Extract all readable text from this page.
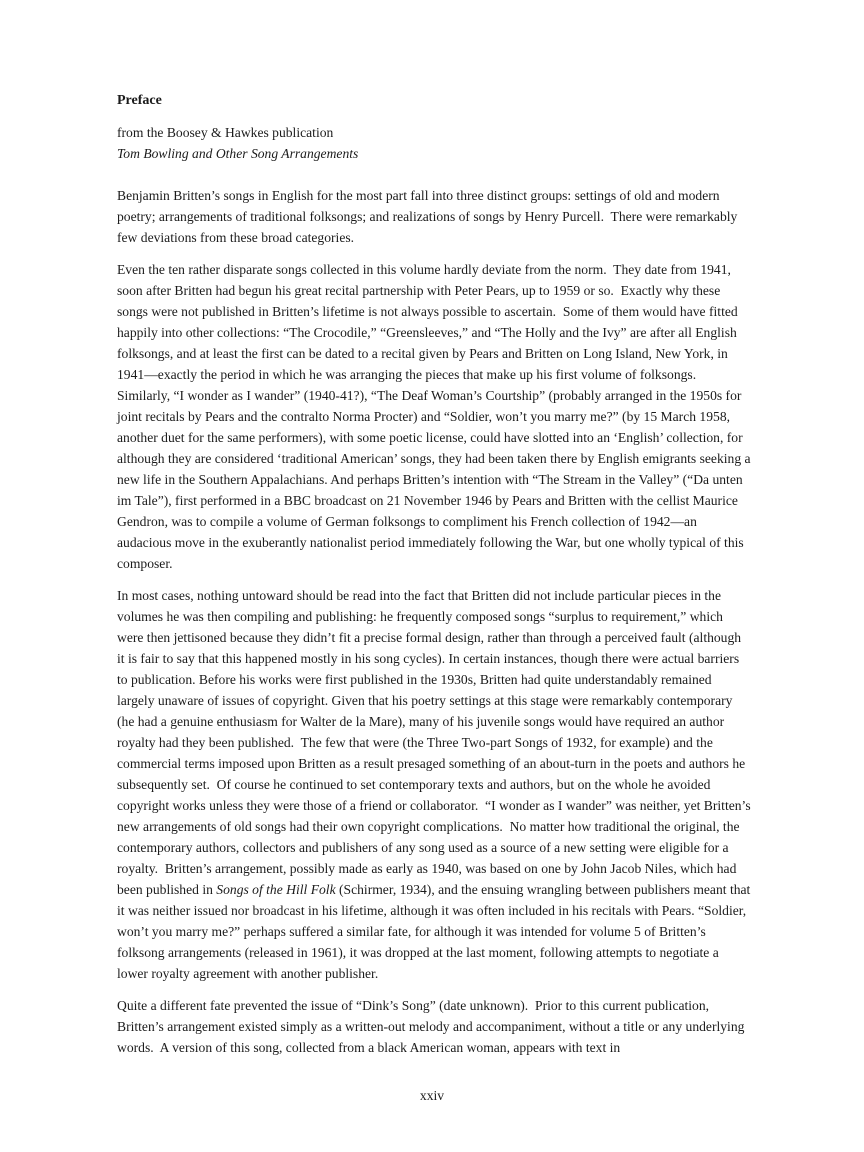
Preface

from the Boosey & Hawkes publication

Tom Bowling and Other Song Arrangements

Benjamin Britten’s songs in English for the most part fall into three distinct groups: settings of old and modern poetry; arrangements of traditional folksongs; and realizations of songs by Henry Purcell.  There were remarkably few deviations from these broad categories.

Even the ten rather disparate songs collected in this volume hardly deviate from the norm.  They date from 1941, soon after Britten had begun his great recital partnership with Peter Pears, up to 1959 or so.  Exactly why these songs were not published in Britten’s lifetime is not always possible to ascertain.  Some of them would have fitted happily into other collections: “The Crocodile,” “Greensleeves,” and “The Holly and the Ivy” are after all English folksongs, and at least the first can be dated to a recital given by Pears and Britten on Long Island, New York, in 1941—exactly the period in which he was arranging the pieces that make up his first volume of folksongs.  Similarly, “I wonder as I wander” (1940-41?), “The Deaf Woman’s Courtship” (probably arranged in the 1950s for joint recitals by Pears and the contralto Norma Procter) and “Soldier, won’t you marry me?” (by 15 March 1958, another duet for the same performers), with some poetic license, could have slotted into an ‘English’ collection, for although they are considered ‘traditional American’ songs, they had been taken there by English emigrants seeking a new life in the Southern Appalachians. And perhaps Britten’s intention with “The Stream in the Valley” (“Da unten im Tale”), first performed in a BBC broadcast on 21 November 1946 by Pears and Britten with the cellist Maurice Gendron, was to compile a volume of German folksongs to compliment his French collection of 1942—an audacious move in the exuberantly nationalist period immediately following the War, but one wholly typical of this composer.

In most cases, nothing untoward should be read into the fact that Britten did not include particular pieces in the volumes he was then compiling and publishing: he frequently composed songs “surplus to requirement,” which were then jettisoned because they didn’t fit a precise formal design, rather than through a perceived fault (although it is fair to say that this happened mostly in his song cycles). In certain instances, though there were actual barriers to publication. Before his works were first published in the 1930s, Britten had quite understandably remained largely unaware of issues of copyright. Given that his poetry settings at this stage were remarkably contemporary (he had a genuine enthusiasm for Walter de la Mare), many of his juvenile songs would have required an author royalty had they been published.  The few that were (the Three Two-part Songs of 1932, for example) and the commercial terms imposed upon Britten as a result presaged something of an about-turn in the poets and authors he subsequently set.  Of course he continued to set contemporary texts and authors, but on the whole he avoided copyright works unless they were those of a friend or collaborator.  “I wonder as I wander” was neither, yet Britten’s new arrangements of old songs had their own copyright complications.  No matter how traditional the original, the contemporary authors, collectors and publishers of any song used as a source of a new setting were eligible for a royalty.  Britten’s arrangement, possibly made as early as 1940, was based on one by John Jacob Niles, which had been published in Songs of the Hill Folk (Schirmer, 1934), and the ensuing wrangling between publishers meant that it was neither issued nor broadcast in his lifetime, although it was often included in his recitals with Pears. “Soldier, won’t you marry me?” perhaps suffered a similar fate, for although it was intended for volume 5 of Britten’s folksong arrangements (released in 1961), it was dropped at the last moment, following attempts to negotiate a lower royalty agreement with another publisher.

Quite a different fate prevented the issue of “Dink’s Song” (date unknown).  Prior to this current publication, Britten’s arrangement existed simply as a written-out melody and accompaniment, without a title or any underlying words.  A version of this song, collected from a black American woman, appears with text in

xxiv
